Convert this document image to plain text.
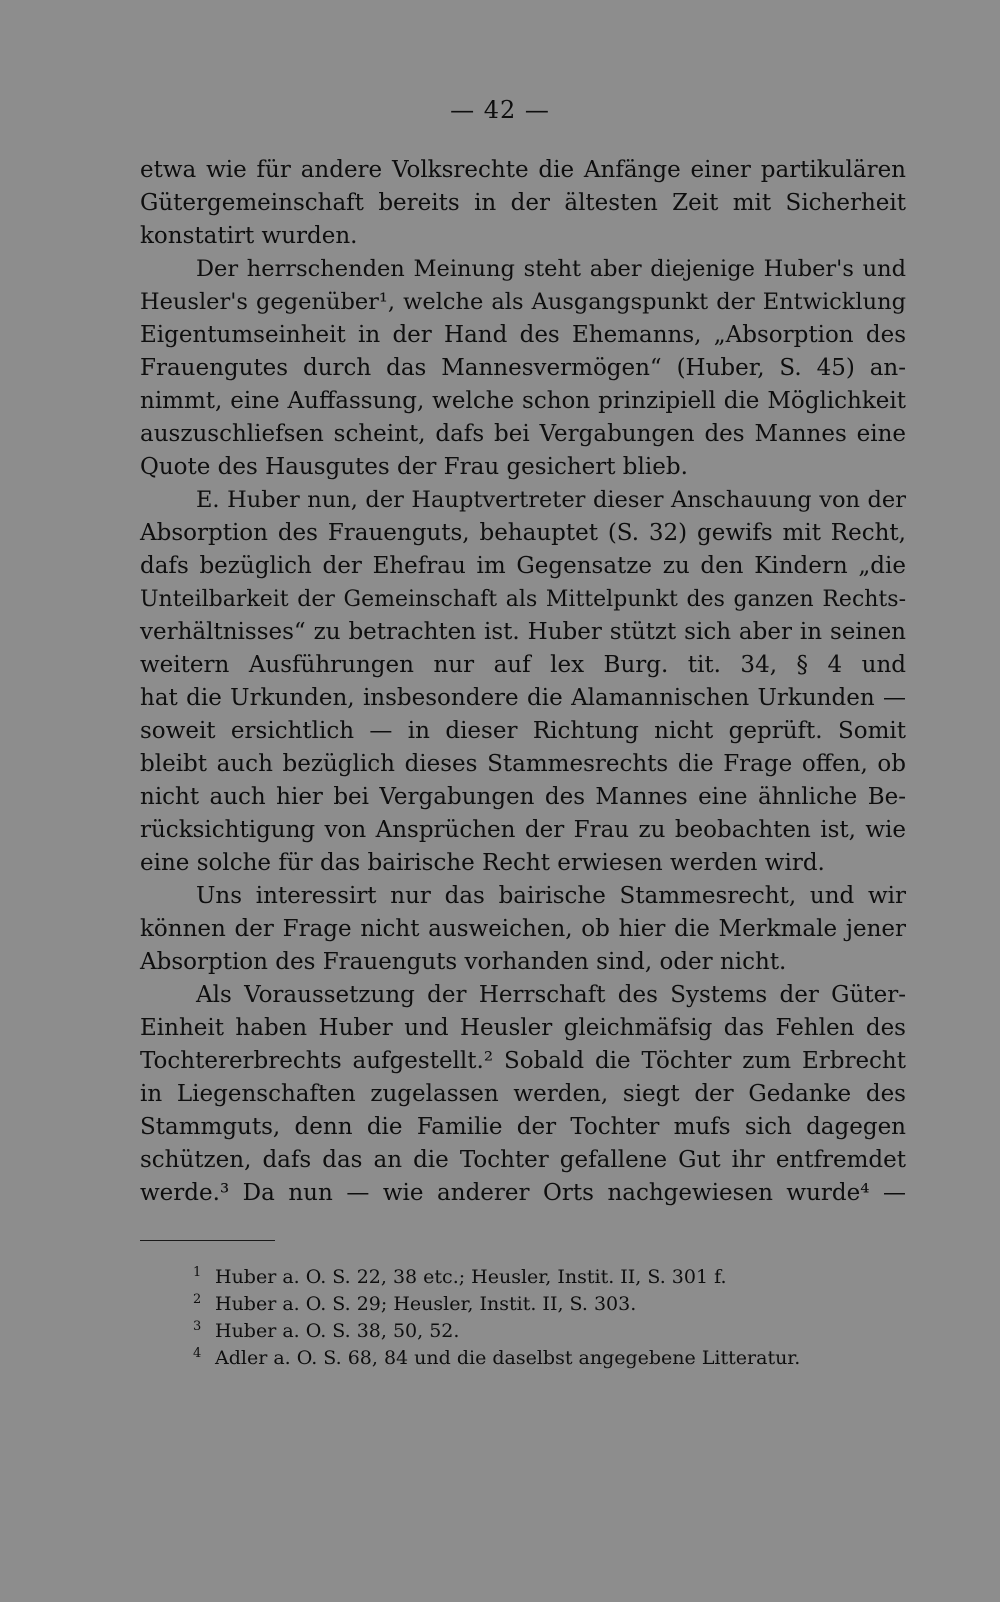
— 42 —
etwa wie für andere Volksrechte die Anfänge einer partikulären
Gütergemeinschaft bereits in der ältesten Zeit mit Sicherheit
konstatirt wurden.
Der herrschenden Meinung steht aber diejenige Huber's und
Heusler's gegenüber¹, welche als Ausgangspunkt der Entwicklung
Eigentumseinheit in der Hand des Ehemanns, „Absorption des
Frauengutes durch das Mannesvermögen“ (Huber, S. 45) an-
nimmt, eine Auffassung, welche schon prinzipiell die Möglichkeit
auszuschliefsen scheint, dafs bei Vergabungen des Mannes eine
Quote des Hausgutes der Frau gesichert blieb.
E. Huber nun, der Hauptvertreter dieser Anschauung von der
Absorption des Frauenguts, behauptet (S. 32) gewifs mit Recht,
dafs bezüglich der Ehefrau im Gegensatze zu den Kindern „die
Unteilbarkeit der Gemeinschaft als Mittelpunkt des ganzen Rechts-
verhältnisses“ zu betrachten ist. Huber stützt sich aber in seinen
weitern Ausführungen nur auf lex Burg. tit. 34, § 4 und
hat die Urkunden, insbesondere die Alamannischen Urkunden —
soweit ersichtlich — in dieser Richtung nicht geprüft. Somit
bleibt auch bezüglich dieses Stammesrechts die Frage offen, ob
nicht auch hier bei Vergabungen des Mannes eine ähnliche Be-
rücksichtigung von Ansprüchen der Frau zu beobachten ist, wie
eine solche für das bairische Recht erwiesen werden wird.
Uns interessirt nur das bairische Stammesrecht, und wir
können der Frage nicht ausweichen, ob hier die Merkmale jener
Absorption des Frauenguts vorhanden sind, oder nicht.
Als Voraussetzung der Herrschaft des Systems der Güter-
Einheit haben Huber und Heusler gleichmäfsig das Fehlen des
Tochtererbrechts aufgestellt.² Sobald die Töchter zum Erbrecht
in Liegenschaften zugelassen werden, siegt der Gedanke des
Stammguts, denn die Familie der Tochter mufs sich dagegen
schützen, dafs das an die Tochter gefallene Gut ihr entfremdet
werde.³ Da nun — wie anderer Orts nachgewiesen wurde⁴ —
1 Huber a. O. S. 22, 38 etc.; Heusler, Instit. II, S. 301 f.
2 Huber a. O. S. 29; Heusler, Instit. II, S. 303.
3 Huber a. O. S. 38, 50, 52.
4 Adler a. O. S. 68, 84 und die daselbst angegebene Litteratur.
